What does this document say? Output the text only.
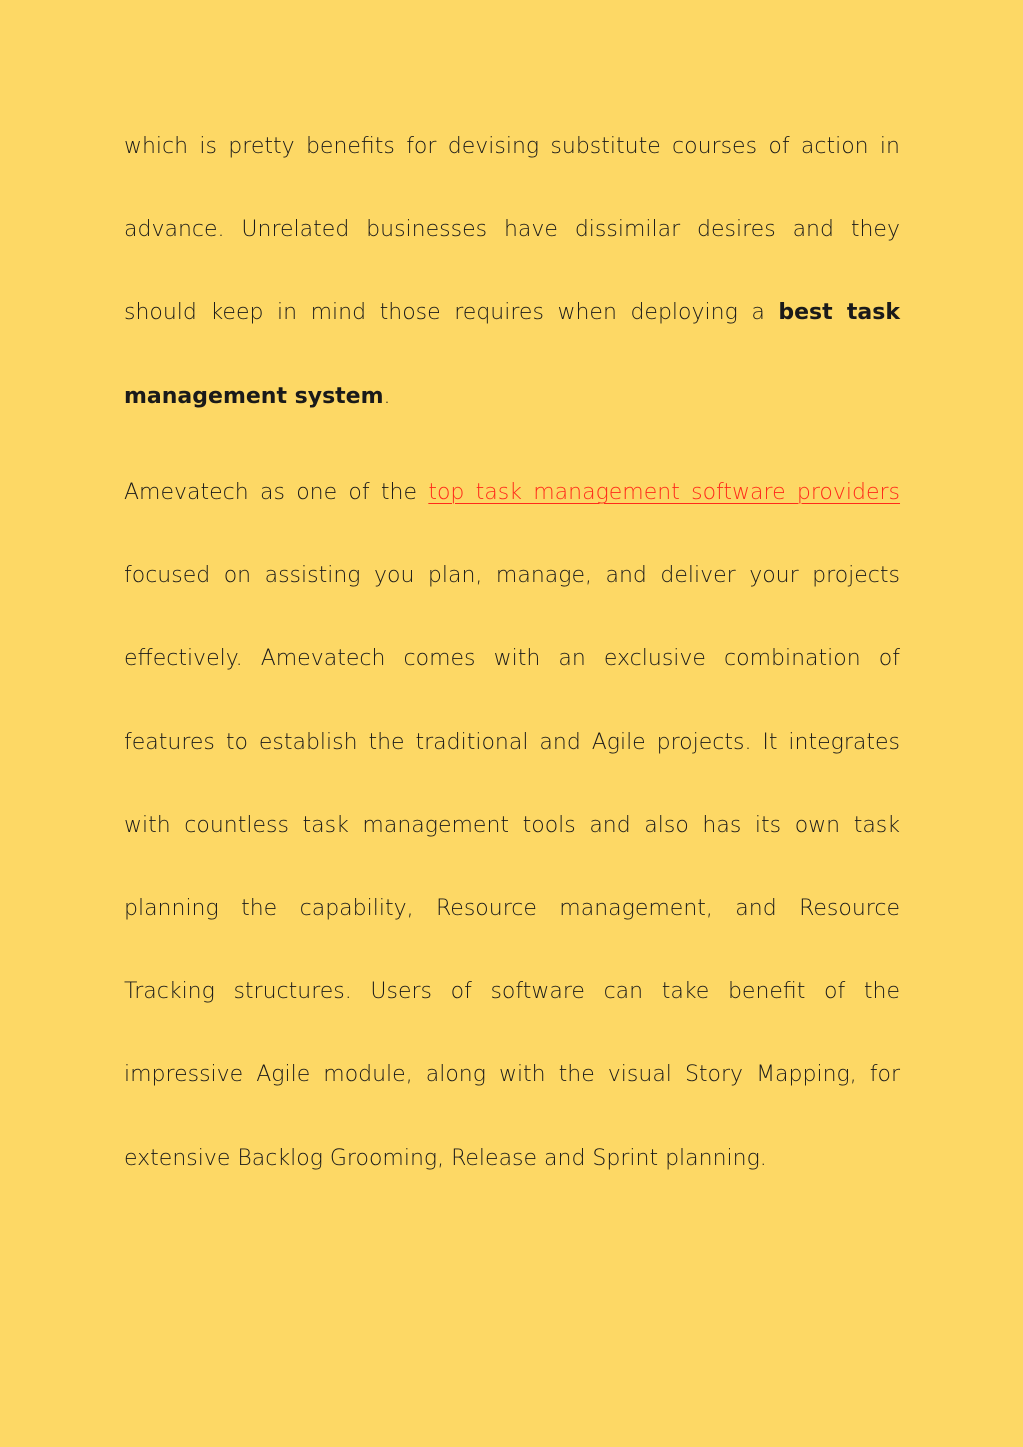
which is pretty benefits for devising substitute courses of action in advance. Unrelated businesses have dissimilar desires and they should keep in mind those requires when deploying a best task management system.

Amevatech as one of the top task management software providers focused on assisting you plan, manage, and deliver your projects effectively. Amevatech comes with an exclusive combination of features to establish the traditional and Agile projects. It integrates with countless task management tools and also has its own task planning the capability, Resource management, and Resource Tracking structures. Users of software can take benefit of the impressive Agile module, along with the visual Story Mapping, for extensive Backlog Grooming, Release and Sprint planning.
